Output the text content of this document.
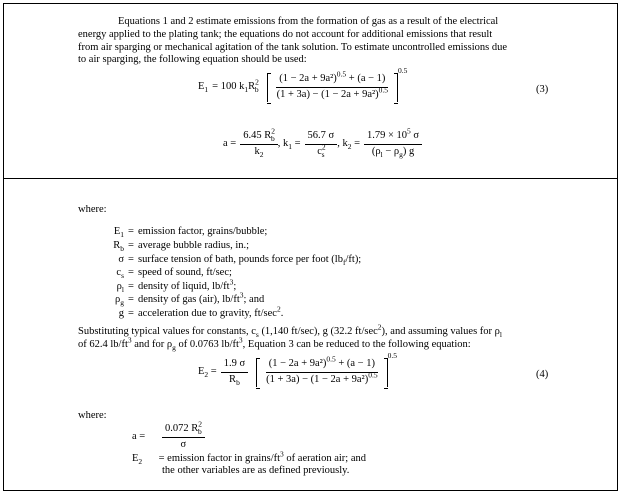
Equations 1 and 2 estimate emissions from the formation of gas as a result of the electrical

energy applied to the plating tank; the equations do not account for additional emissions that result

from air sparging or mechanical agitation of the tank solution. To estimate uncontrolled emissions due

to air sparging, the following equation should be used:

$E_1 = 100$ $k_1R^2_b \frac{(1 - 2a + 9a^2)^{0.5} + (a - 1)}{(1 + 3a) - (1 - 2a + 9a^2)^{0.5}}$
0.5
(3)
$a = \frac{6.45 R^2_b}{k_2}$ , $k_1 = \frac{56.7 \sigma}{c^2_s}$ , $k_2 = \frac{1.79 \times 10^5 \sigma}{(\rho_l - \rho_g) g}$
where:
$E_1$ = emission factor, grains/bubble;
$R_b$ = average bubble radius, in.;
σ = surface tension of bath, pounds force per foot $(lb_f/ft)$;
$c_s$ = speed of sound, ft/sec;
$\rho_l$ = density of liquid, $lb/ft^3$;
$\rho_g$ = density of gas (air), $lb/ft^3$; and
g = acceleration due to gravity, $ft/\sec^2$.

Substituting typical values for constants, $c_s$ (1,140 ft/sec), g (32.2 $ft/\sec^2$), and assuming values for $\rho_l$

of 62.4 $lb/ft^3$ and for $\rho_g$ of 0.0763 $lb/ft^3$, Equation 3 can be reduced to the following equation:

$E_2 = \frac{1.9 \sigma}{R_b} \frac{(1 - 2a + 9a^2)^{0.5} + (a - 1)}{(1 + 3a) - (1 - 2a + 9a^2)^{0.5}}$
0.5
(4)
where:
a =	$\frac{0.072 R^2_b}{\sigma}$
$E_2$ = emission factor in grains/$ft^3$ of aeration air; and
the other variables are as defined previously.
